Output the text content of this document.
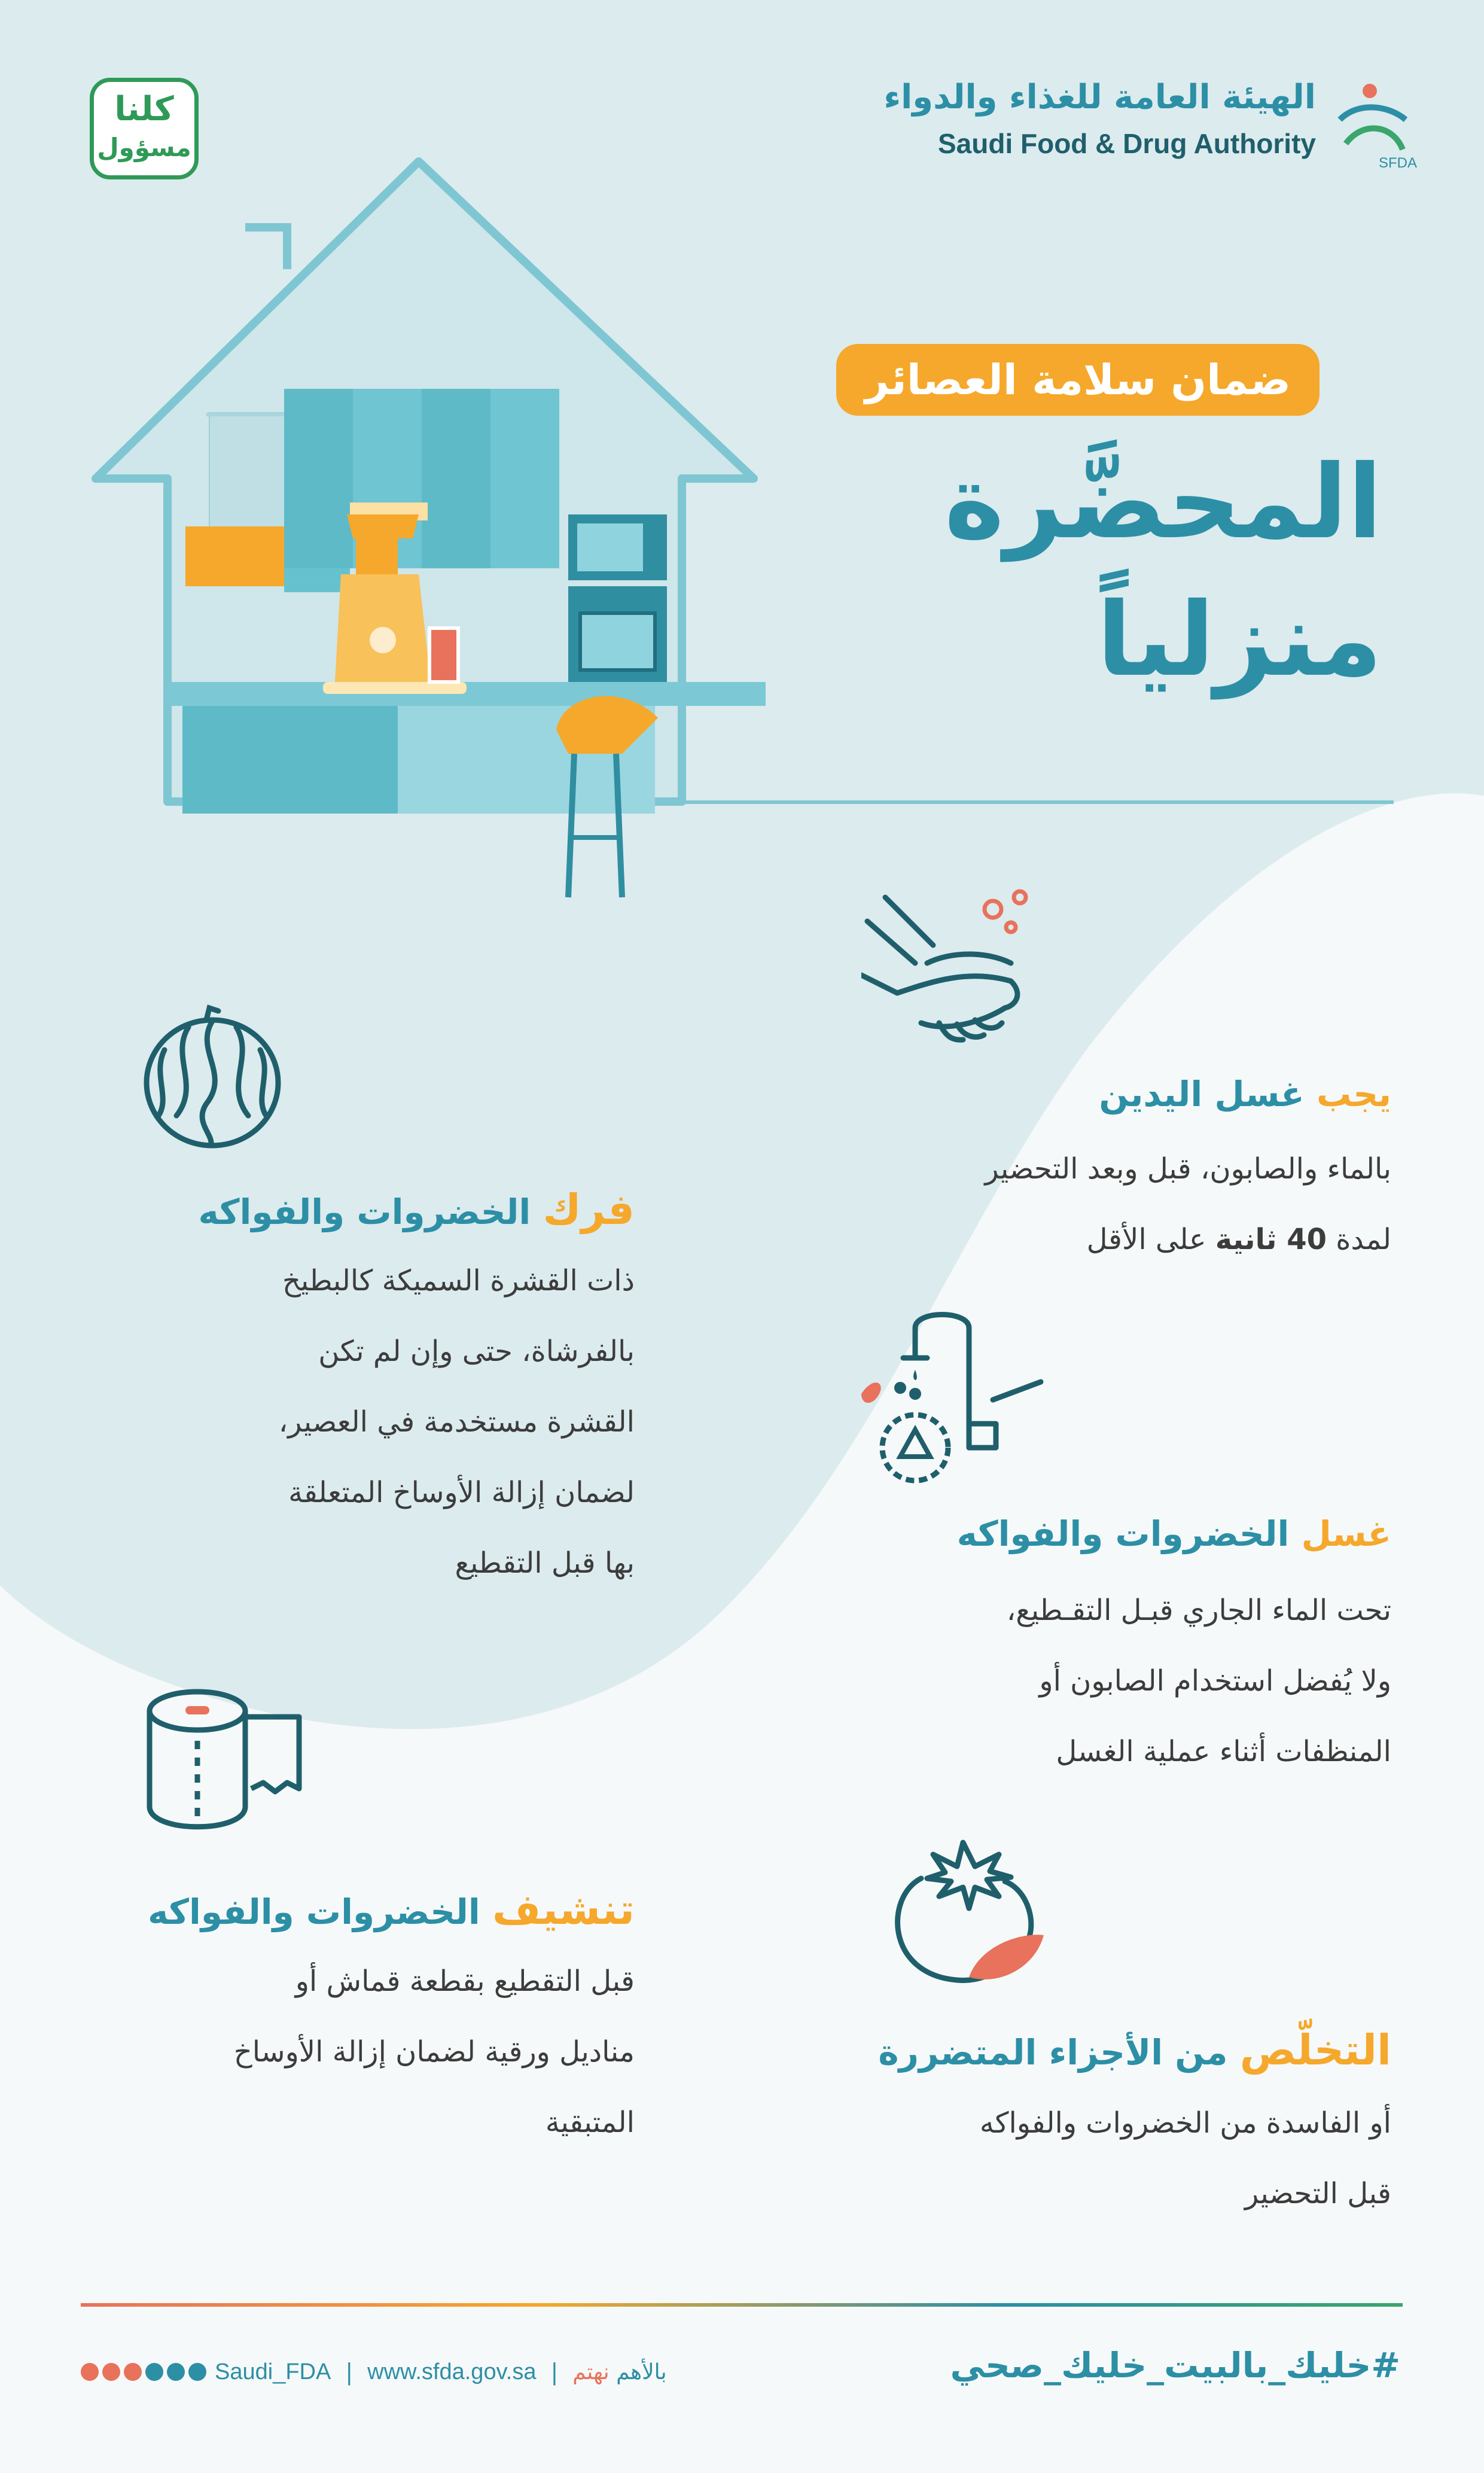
الهيئة العامة للغذاء والدواء
Saudi Food & Drug Authority
SFDA
كلنا
مسؤول
ضمان سلامة العصائر
المحضَّرة
منزلياً
يجب غسل اليدين
بالماء والصابون، قبل وبعد التحضير
لمدة 40 ثانية على الأقل
غسل الخضروات والفواكه
تحت الماء الجاري قبـل التقـطيع،
ولا يُفضل استخدام الصابون أو
المنظفات أثناء عملية الغسل
التخلّص من الأجزاء المتضررة
أو الفاسدة من الخضروات والفواكه
قبل التحضير
فرك الخضروات والفواكه
ذات القشرة السميكة كالبطيخ
بالفرشاة، حتى وإن لم تكن
القشرة مستخدمة في العصير،
لضمان إزالة الأوساخ المتعلقة
بها قبل التقطيع
تنشيف الخضروات والفواكه
قبل التقطيع بقطعة قماش أو
مناديل ورقية لضمان إزالة الأوساخ
المتبقية
#خليك_بالبيت_خليك_صحي
Saudi_FDA | www.sfda.gov.sa |	بالأهم نهتم
